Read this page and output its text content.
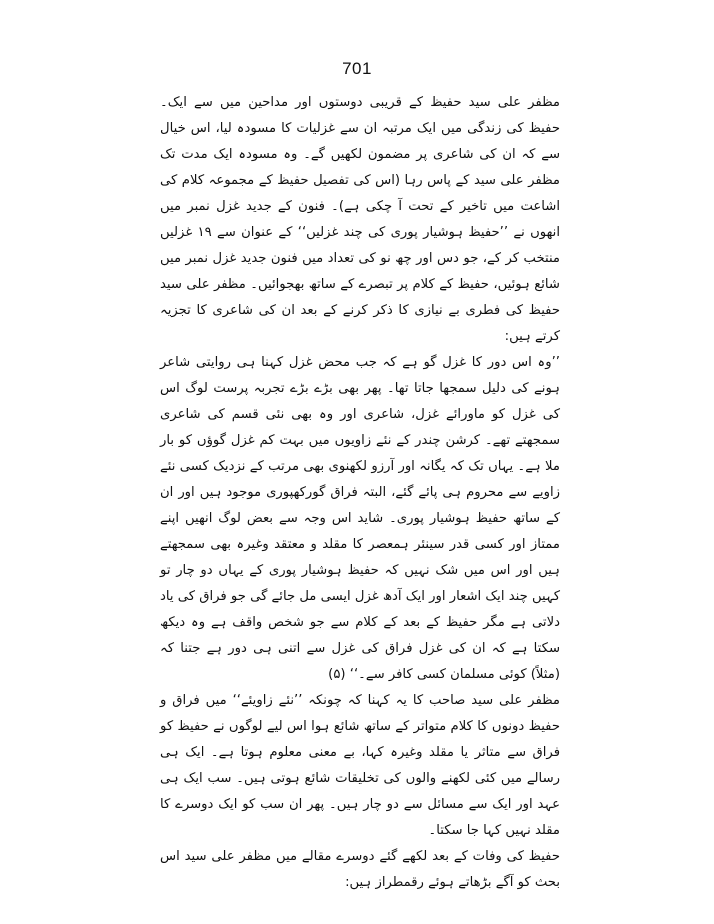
701

مظفر علی سید حفیظ کے قریبی دوستوں اور مداحین میں سے ایک۔ حفیظ کی زندگی میں ایک مرتبہ ان سے غزلیات کا مسودہ لیا، اس خیال سے کہ ان کی شاعری پر مضمون لکھیں گے۔ وہ مسودہ ایک مدت تک مظفر علی سید کے پاس رہا (اس کی تفصیل حفیظ کے مجموعہ کلام کی اشاعت میں تاخیر کے تحت آ چکی ہے)۔ فنون کے جدید غزل نمبر میں انھوں نے ’’حفیظ ہوشیار پوری کی چند غزلیں‘‘ کے عنوان سے ۱۹ غزلیں منتخب کر کے، جو دس اور چھ نو کی تعداد میں فنون جدید غزل نمبر میں شائع ہوئیں، حفیظ کے کلام پر تبصرے کے ساتھ بھجوائیں۔ مظفر علی سید حفیظ کی فطری بے نیازی کا ذکر کرنے کے بعد ان کی شاعری کا تجزیہ کرتے ہیں:

’’وہ اس دور کا غزل گو ہے کہ جب محض غزل کہنا ہی روایتی شاعر ہونے کی دلیل سمجھا جاتا تھا۔ پھر بھی بڑے بڑے تجربہ پرست لوگ اس کی غزل کو ماورائے غزل، شاعری اور وہ بھی نئی قسم کی شاعری سمجھتے تھے۔ کرشن چندر کے نئے زاویوں میں بہت کم غزل گوؤں کو بار ملا ہے۔ یہاں تک کہ یگانہ اور آرزو لکھنوی بھی مرتب کے نزدیک کسی نئے زاویے سے محروم ہی پائے گئے، البتہ فراق گورکھپوری موجود ہیں اور ان کے ساتھ حفیظ ہوشیار پوری۔ شاید اس وجہ سے بعض لوگ انھیں اپنے ممتاز اور کسی قدر سینئر ہمعصر کا مقلد و معتقد وغیرہ بھی سمجھتے ہیں اور اس میں شک نہیں کہ حفیظ ہوشیار پوری کے یہاں دو چار تو کہیں چند ایک اشعار اور ایک آدھ غزل ایسی مل جائے گی جو فراق کی یاد دلاتی ہے مگر حفیظ کے بعد کے کلام سے جو شخص واقف ہے وہ دیکھ سکتا ہے کہ ان کی غزل فراق کی غزل سے اتنی ہی دور ہے جتنا کہ (مثلاً) کوئی مسلمان کسی کافر سے۔‘‘ (۵)

مظفر علی سید صاحب کا یہ کہنا کہ چونکہ ’’نئے زاویئے‘‘ میں فراق و حفیظ دونوں کا کلام متواتر کے ساتھ شائع ہوا اس لیے لوگوں نے حفیظ کو فراق سے متاثر یا مقلد وغیرہ کہا، بے معنی معلوم ہوتا ہے۔ ایک ہی رسالے میں کئی لکھنے والوں کی تخلیقات شائع ہوتی ہیں۔ سب ایک ہی عہد اور ایک سے مسائل سے دو چار ہیں۔ پھر ان سب کو ایک دوسرے کا مقلد نہیں کہا جا سکتا۔

حفیظ کی وفات کے بعد لکھے گئے دوسرے مقالے میں مظفر علی سید اس بحث کو آگے بڑھاتے ہوئے رقمطراز ہیں:
